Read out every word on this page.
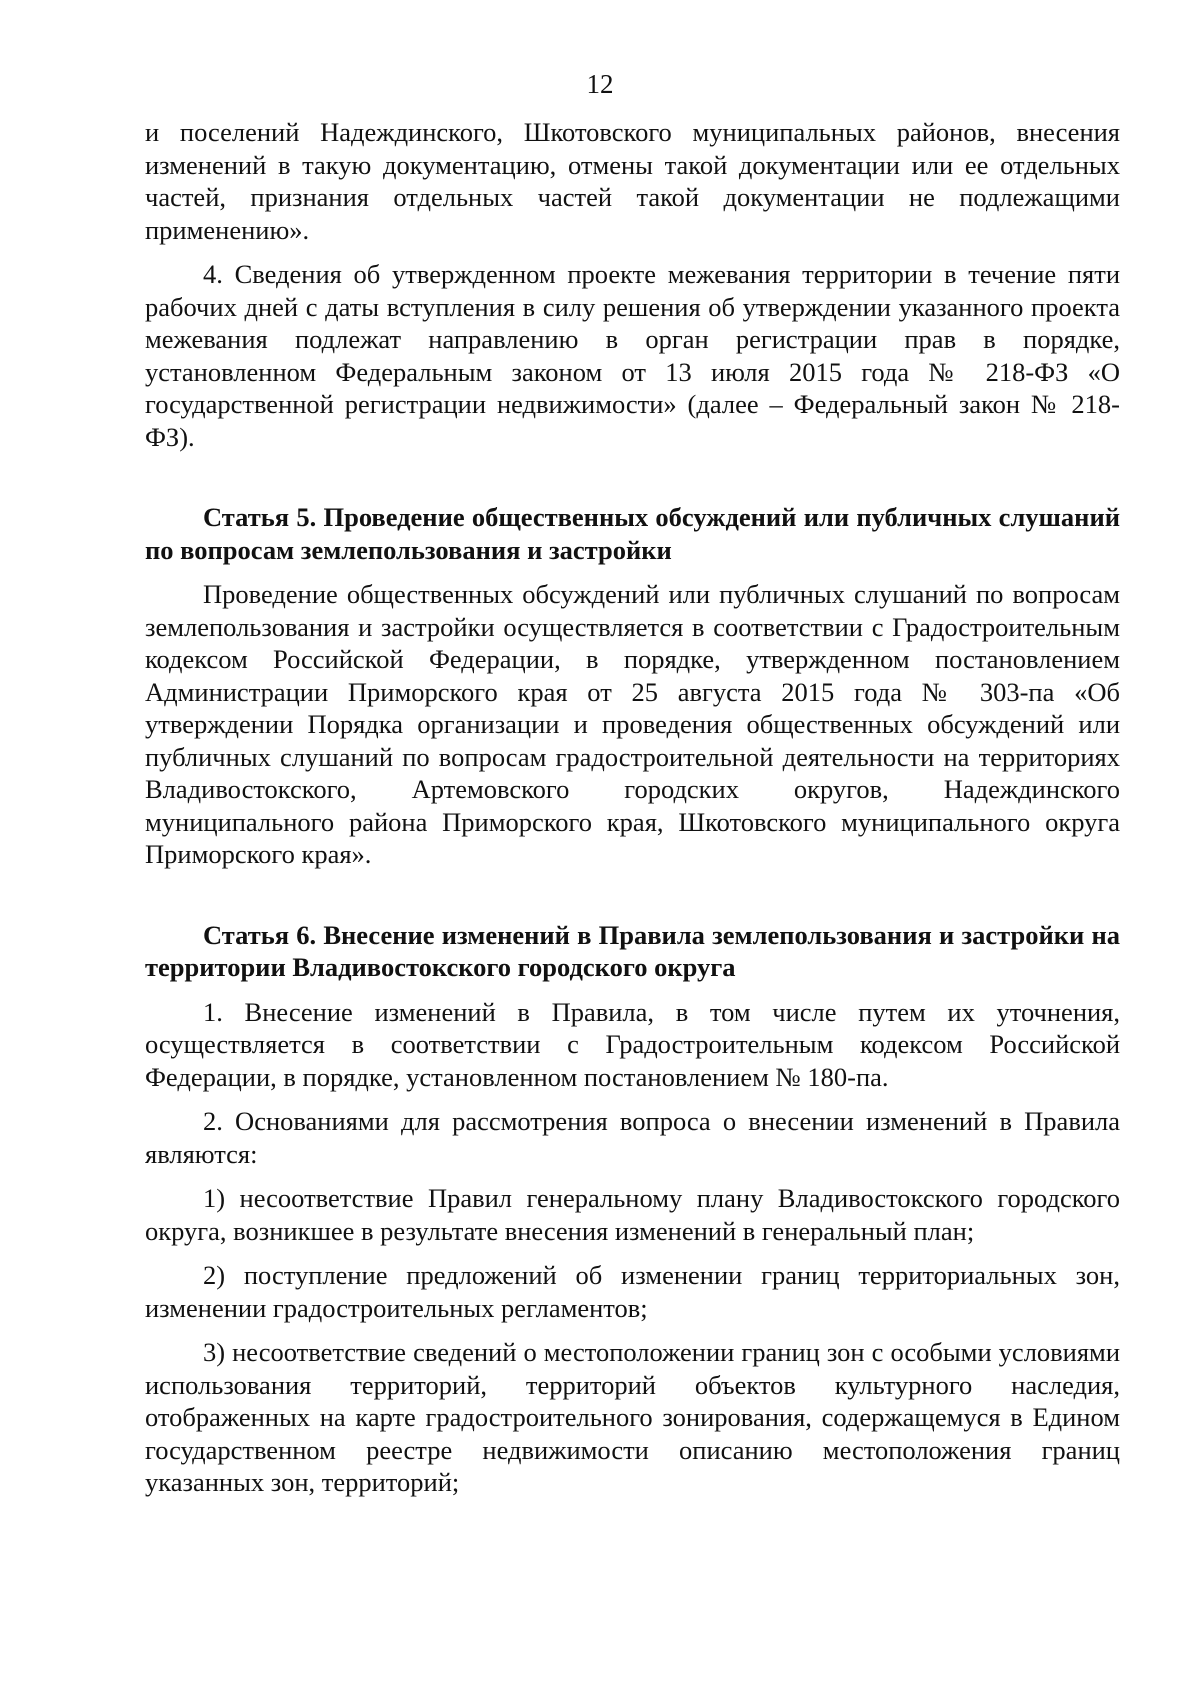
12

и поселений Надеждинского, Шкотовского муниципальных районов, внесения изменений в такую документацию, отмены такой документации или ее отдельных частей, признания отдельных частей такой документации не подлежащими применению».

4. Сведения об утвержденном проекте межевания территории в течение пяти рабочих дней с даты вступления в силу решения об утверждении указанного проекта межевания подлежат направлению в орган регистрации прав в порядке, установленном Федеральным законом от 13 июля 2015 года № 218-ФЗ «О государственной регистрации недвижимости» (далее – Федеральный закон № 218-ФЗ).

Статья 5. Проведение общественных обсуждений или публичных слушаний по вопросам землепользования и застройки

Проведение общественных обсуждений или публичных слушаний по вопросам землепользования и застройки осуществляется в соответствии с Градостроительным кодексом Российской Федерации, в порядке, утвержденном постановлением Администрации Приморского края от 25 августа 2015 года № 303-па «Об утверждении Порядка организации и проведения общественных обсуждений или публичных слушаний по вопросам градостроительной деятельности на территориях Владивостокского, Артемовского городских округов, Надеждинского муниципального района Приморского края, Шкотовского муниципального округа Приморского края».

Статья 6. Внесение изменений в Правила землепользования и застройки на территории Владивостокского городского округа

1. Внесение изменений в Правила, в том числе путем их уточнения, осуществляется в соответствии с Градостроительным кодексом Российской Федерации, в порядке, установленном постановлением № 180-па.

2. Основаниями для рассмотрения вопроса о внесении изменений в Правила являются:

1) несоответствие Правил генеральному плану Владивостокского городского округа, возникшее в результате внесения изменений в генеральный план;

2) поступление предложений об изменении границ территориальных зон, изменении градостроительных регламентов;

3) несоответствие сведений о местоположении границ зон с особыми условиями использования территорий, территорий объектов культурного наследия, отображенных на карте градостроительного зонирования, содержащемуся в Едином государственном реестре недвижимости описанию местоположения границ указанных зон, территорий;
